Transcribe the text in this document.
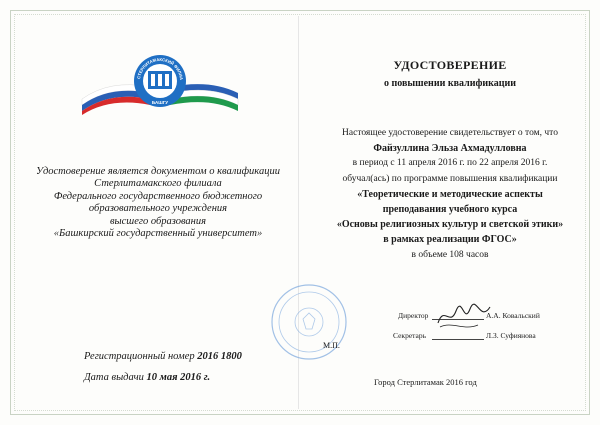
СТЕРЛИТАМАКСКИЙ ФИЛИА
БАШГУ
Удостоверение является документом о квалификации
Стерлитамакского филиала
Федерального государственного бюджетного
образовательного учреждения
высшего образования
«Башкирский государственный университет»
Регистрационный номер 2016 1800
Дата выдачи 10 мая 2016 г.
УДОСТОВЕРЕНИЕ
о повышении квалификации
Настоящее удостоверение свидетельствует о том, что
Файзуллина Эльза Ахмадулловна
в период с 11 апреля 2016 г. по 22 апреля 2016 г.
обучал(ась) по программе повышения квалификации
«Теоретические и методические аспекты
преподавания учебного курса
«Основы религиозных культур и светской этики»
в рамках реализации ФГОС»
в объеме 108 часов
Директор	А.А. Ковальский
Секретарь	Л.З. Суфиянова
М.П.
Город Стерлитамак 2016 год
